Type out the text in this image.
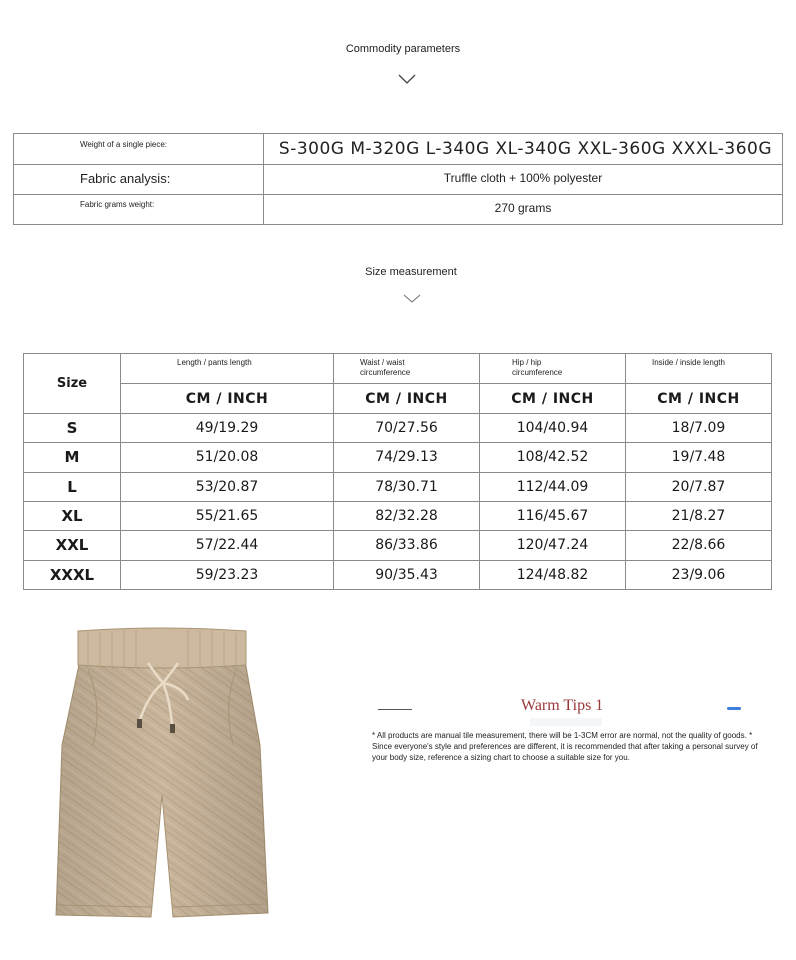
Commodity parameters
Weight of a single piece:	S-300G M-320G L-340G XL-340G XXL-360G XXXL-360G
Fabric analysis:	Truffle cloth + 100% polyester
Fabric grams weight:	270 grams
Size measurement
Size	Length / pants length	Waist / waist circumference	Hip / hip circumference	Inside / inside length
	CM / INCH	CM / INCH	CM / INCH	CM / INCH
S	49/19.29	70/27.56	104/40.94	18/7.09
M	51/20.08	74/29.13	108/42.52	19/7.48
L	53/20.87	78/30.71	112/44.09	20/7.87
XL	55/21.65	82/32.28	116/45.67	21/8.27
XXL	57/22.44	86/33.86	120/47.24	22/8.66
XXXL	59/23.23	90/35.43	124/48.82	23/9.06
Warm Tips 1
* All products are manual tile measurement, there will be 1-3CM error are normal, not the quality of goods. *
Since everyone's style and preferences are different, it is recommended that after taking a personal survey of
your body size, reference a sizing chart to choose a suitable size for you.
